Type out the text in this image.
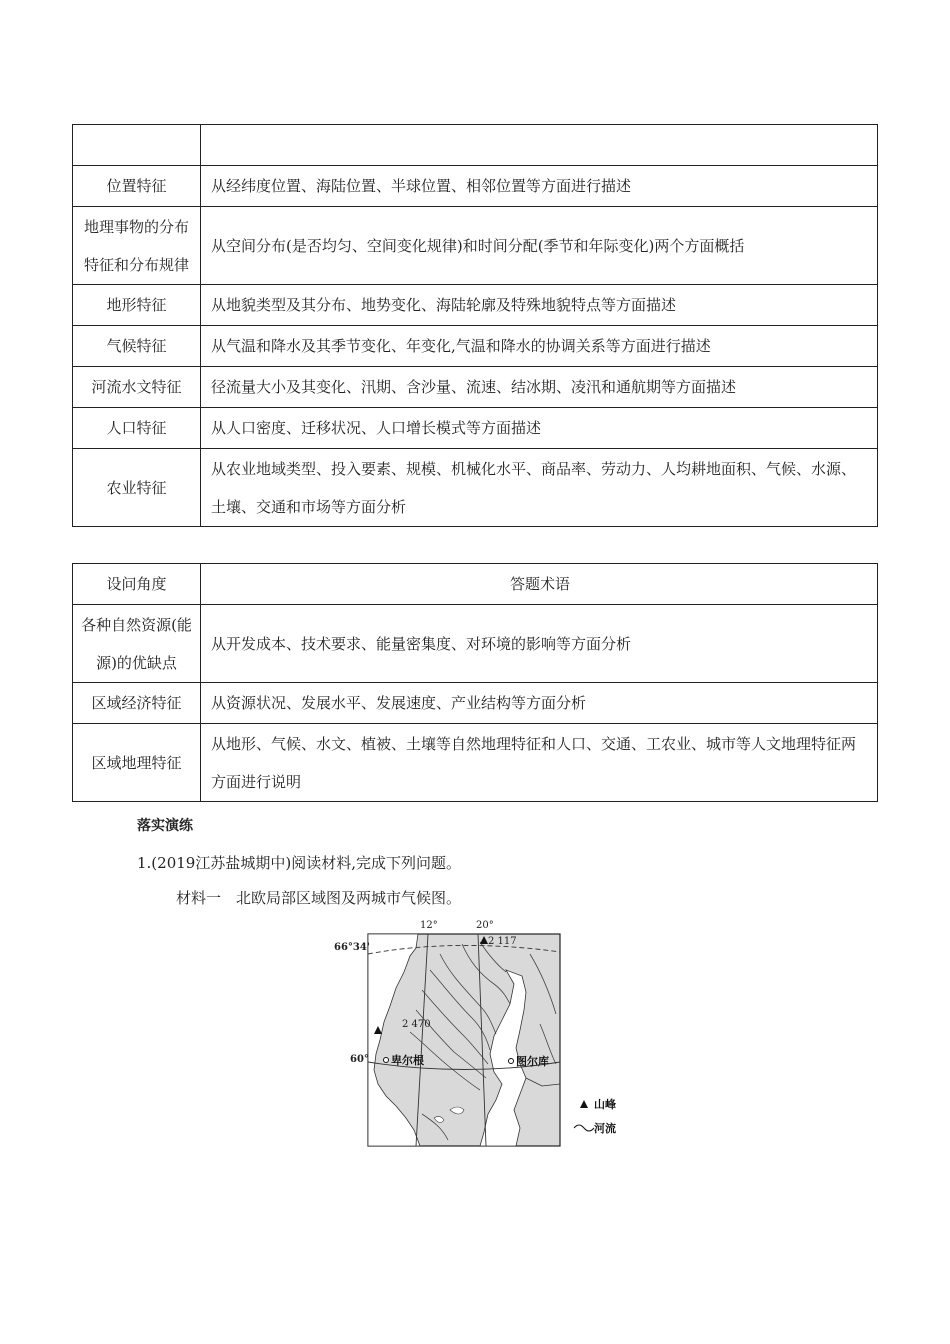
位置特征	从经纬度位置、海陆位置、半球位置、相邻位置等方面进行描述
地理事物的分布特征和分布规律	从空间分布(是否均匀、空间变化规律)和时间分配(季节和年际变化)两个方面概括
地形特征	从地貌类型及其分布、地势变化、海陆轮廓及特殊地貌特点等方面描述
气候特征	从气温和降水及其季节变化、年变化,气温和降水的协调关系等方面进行描述
河流水文特征	径流量大小及其变化、汛期、含沙量、流速、结冰期、凌汛和通航期等方面描述
人口特征	从人口密度、迁移状况、人口增长模式等方面描述
农业特征	从农业地域类型、投入要素、规模、机械化水平、商品率、劳动力、人均耕地面积、气候、水源、土壤、交通和市场等方面分析
设问角度	答题术语
各种自然资源(能源)的优缺点	从开发成本、技术要求、能量密集度、对环境的影响等方面分析
区域经济特征	从资源状况、发展水平、发展速度、产业结构等方面分析
区域地理特征	从地形、气候、水文、植被、土壤等自然地理特征和人口、交通、工农业、城市等人文地理特征两方面进行说明
落实演练
1.(2019江苏盐城期中)阅读材料,完成下列问题。
材料一　北欧局部区域图及两城市气候图。
12°	20°
66°34'
60°
2 117
2 470
卑尔根	图尔库
山峰
河流
